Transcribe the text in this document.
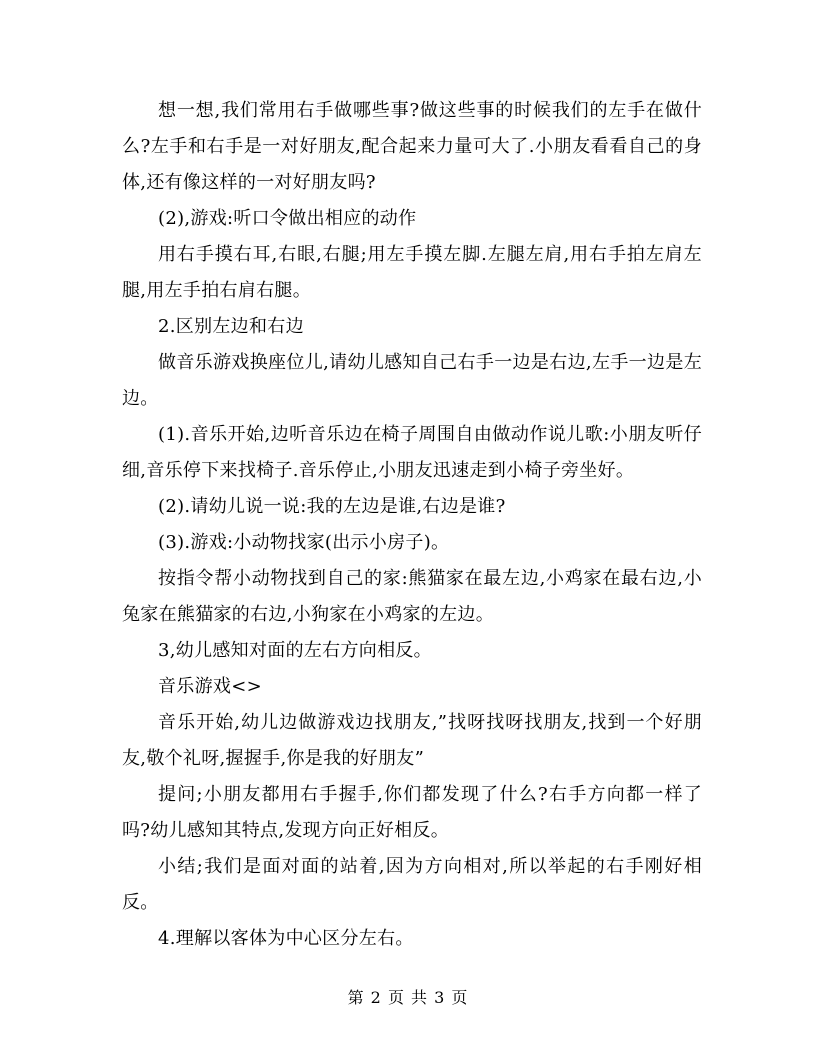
想一想,我们常用右手做哪些事?做这些事的时候我们的左手在做什么?左手和右手是一对好朋友,配合起来力量可大了.小朋友看看自己的身体,还有像这样的一对好朋友吗?

(2),游戏:听口令做出相应的动作

用右手摸右耳,右眼,右腿;用左手摸左脚.左腿左肩,用右手拍左肩左腿,用左手拍右肩右腿。

2.区别左边和右边

做音乐游戏换座位儿,请幼儿感知自己右手一边是右边,左手一边是左边。

(1).音乐开始,边听音乐边在椅子周围自由做动作说儿歌:小朋友听仔细,音乐停下来找椅子.音乐停止,小朋友迅速走到小椅子旁坐好。

(2).请幼儿说一说:我的左边是谁,右边是谁?

(3).游戏:小动物找家(出示小房子)。

按指令帮小动物找到自己的家:熊猫家在最左边,小鸡家在最右边,小兔家在熊猫家的右边,小狗家在小鸡家的左边。

3,幼儿感知对面的左右方向相反。

音乐游戏<>

音乐开始,幼儿边做游戏边找朋友,”找呀找呀找朋友,找到一个好朋友,敬个礼呀,握握手,你是我的好朋友”

提问;小朋友都用右手握手,你们都发现了什么?右手方向都一样了吗?幼儿感知其特点,发现方向正好相反。

小结;我们是面对面的站着,因为方向相对,所以举起的右手刚好相反。

4.理解以客体为中心区分左右。

第 2 页 共 3 页
